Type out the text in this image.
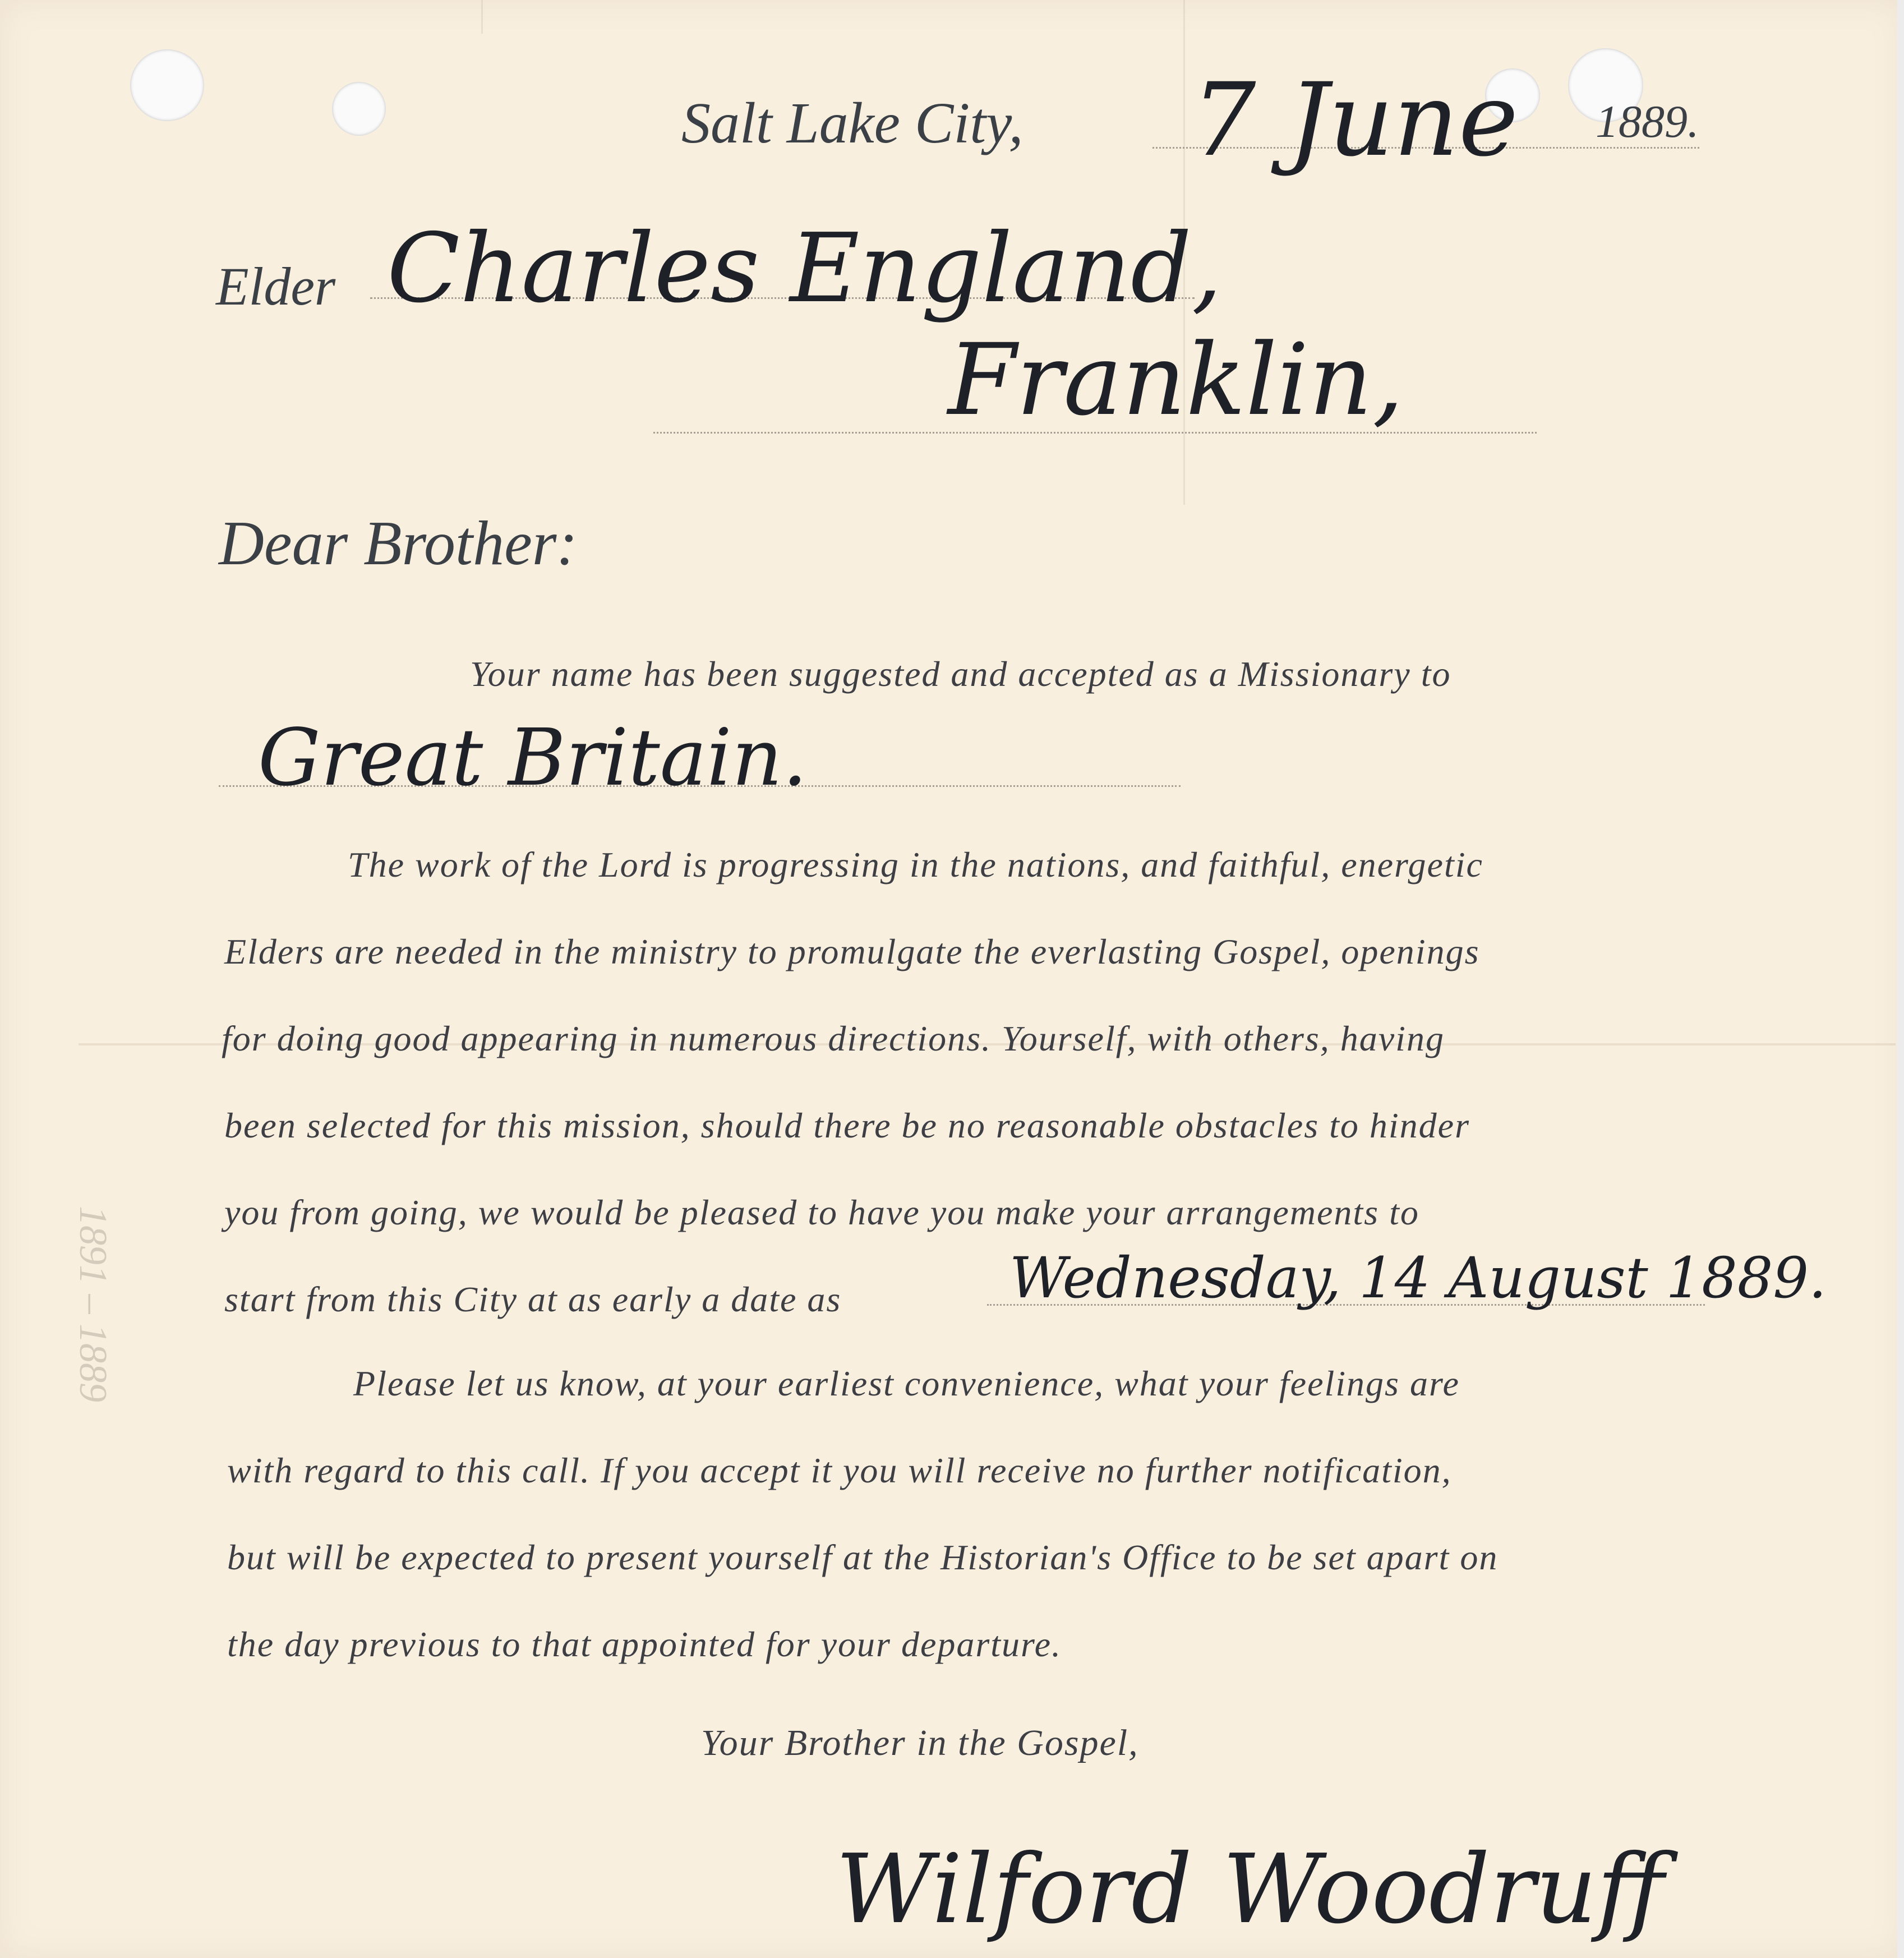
1891 – 1889
Salt Lake City, 7 June 1889.
Elder Charles England,
Franklin,
Dear Brother:
Your name has been suggested and accepted as a Missionary to
Great Britain.
The work of the Lord is progressing in the nations, and faithful, energetic
Elders are needed in the ministry to promulgate the everlasting Gospel, openings
for doing good appearing in numerous directions. Yourself, with others, having
been selected for this mission, should there be no reasonable obstacles to hinder
you from going, we would be pleased to have you make your arrangements to
start from this City at as early a date as	Wednesday, 14 August 1889.
Please let us know, at your earliest convenience, what your feelings are
with regard to this call. If you accept it you will receive no further notification,
but will be expected to present yourself at the Historian's Office to be set apart on
the day previous to that appointed for your departure.
Your Brother in the Gospel,
Wilford Woodruff
